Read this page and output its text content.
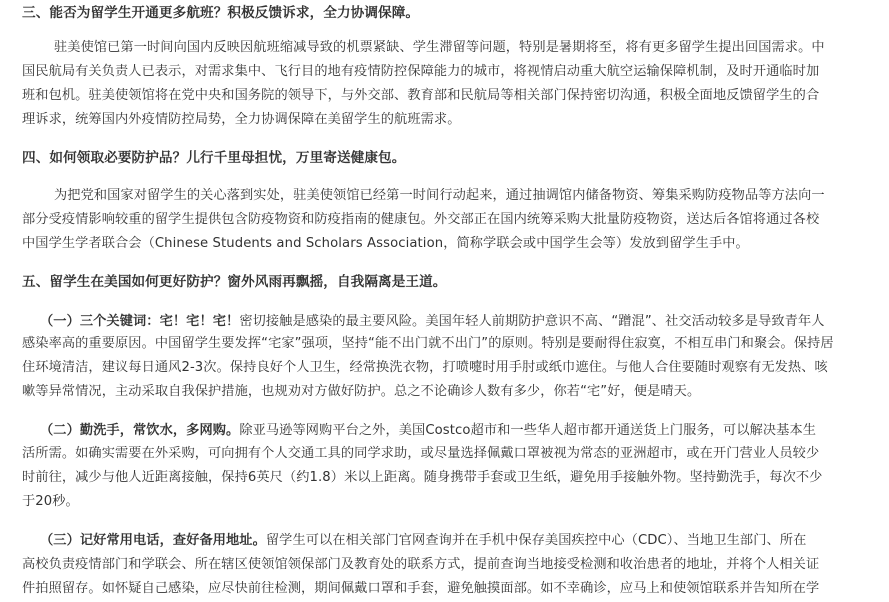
三、能否为留学生开通更多航班？积极反馈诉求，全力协调保障。
驻美使馆已第一时间向国内反映因航班缩减导致的机票紧缺、学生滞留等问题，特别是暑期将至，将有更多留学生提出回国需求。中
国民航局有关负责人已表示，对需求集中、飞行目的地有疫情防控保障能力的城市，将视情启动重大航空运输保障机制，及时开通临时加
班和包机。驻美使领馆将在党中央和国务院的领导下，与外交部、教育部和民航局等相关部门保持密切沟通，积极全面地反馈留学生的合
理诉求，统筹国内外疫情防控局势，全力协调保障在美留学生的航班需求。
四、如何领取必要防护品？儿行千里母担忧，万里寄送健康包。
为把党和国家对留学生的关心落到实处，驻美使领馆已经第一时间行动起来，通过抽调馆内储备物资、筹集采购防疫物品等方法向一
部分受疫情影响较重的留学生提供包含防疫物资和防疫指南的健康包。外交部正在国内统筹采购大批量防疫物资，送达后各馆将通过各校
中国学生学者联合会（Chinese Students and Scholars Association，简称学联会或中国学生会等）发放到留学生手中。
五、留学生在美国如何更好防护？窗外风雨再飘摇，自我隔离是王道。
（一）三个关键词：宅！宅！宅！密切接触是感染的最主要风险。美国年轻人前期防护意识不高、“蹭混”、社交活动较多是导致青年人
感染率高的重要原因。中国留学生要发挥“宅家”强项，坚持“能不出门就不出门”的原则。特别是要耐得住寂寞，不相互串门和聚会。保持居
住环境清洁，建议每日通风2-3次。保持良好个人卫生，经常换洗衣物，打喷嚏时用手肘或纸巾遮住。与他人合住要随时观察有无发热、咳
嗽等异常情况，主动采取自我保护措施，也规劝对方做好防护。总之不论确诊人数有多少，你若“宅”好，便是晴天。
（二）勤洗手，常饮水，多网购。除亚马逊等网购平台之外，美国Costco超市和一些华人超市都开通送货上门服务，可以解决基本生
活所需。如确实需要在外采购，可向拥有个人交通工具的同学求助，或尽量选择佩戴口罩被视为常态的亚洲超市，或在开门营业人员较少
时前往，减少与他人近距离接触，保持6英尺（约1.8）米以上距离。随身携带手套或卫生纸，避免用手接触外物。坚持勤洗手，每次不少
于20秒。
（三）记好常用电话，查好备用地址。留学生可以在相关部门官网查询并在手机中保存美国疾控中心（CDC）、当地卫生部门、所在
高校负责疫情部门和学联会、所在辖区使领馆领保部门及教育处的联系方式，提前查询当地接受检测和收治患者的地址，并将个人相关证
件拍照留存。如怀疑自己感染，应尽快前往检测，期间佩戴口罩和手套，避免触摸面部。如不幸确诊，应马上和使领馆联系并告知所在学
